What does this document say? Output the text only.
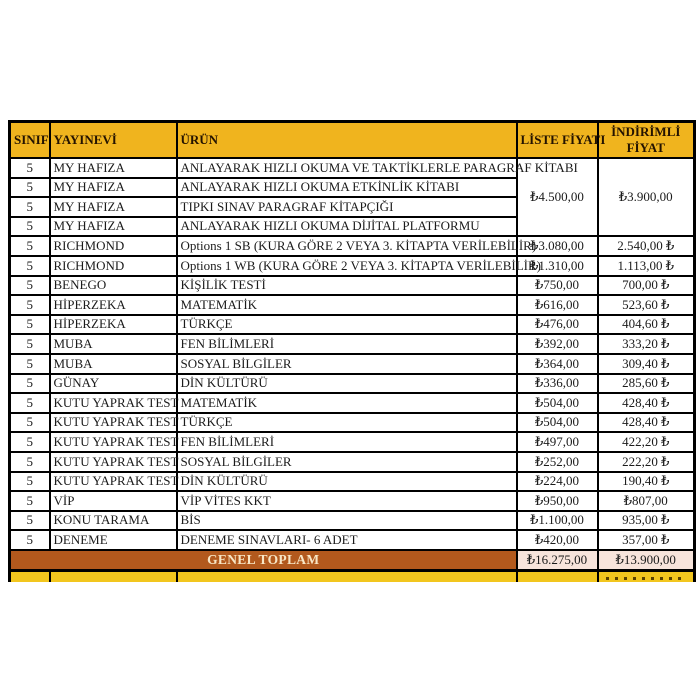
SINIF	YAYINEVİ	ÜRÜN	LİSTE FİYATI	İNDİRİMLİ FİYAT
5	MY HAFIZA	ANLAYARAK HIZLI OKUMA VE TAKTİKLERLE PARAGRAF KİTABI	₺4.500,00	₺3.900,00
5	MY HAFIZA	ANLAYARAK HIZLI OKUMA ETKİNLİK KİTABI		
5	MY HAFIZA	TIPKI SINAV PARAGRAF KİTAPÇIĞI		
5	MY HAFIZA	ANLAYARAK HIZLI OKUMA DİJİTAL PLATFORMU		
5	RICHMOND	Options 1 SB (KURA GÖRE 2 VEYA 3. KİTAPTA VERİLEBİLİR)	₺3.080,00	2.540,00 ₺
5	RICHMOND	Options 1 WB (KURA GÖRE 2 VEYA 3. KİTAPTA VERİLEBİLİR)	₺1.310,00	1.113,00 ₺
5	BENEGO	KİŞİLİK TESTİ	₺750,00	700,00 ₺
5	HİPERZEKA	MATEMATİK	₺616,00	523,60 ₺
5	HİPERZEKA	TÜRKÇE	₺476,00	404,60 ₺
5	MUBA	FEN BİLİMLERİ	₺392,00	333,20 ₺
5	MUBA	SOSYAL BİLGİLER	₺364,00	309,40 ₺
5	GÜNAY	DİN KÜLTÜRÜ	₺336,00	285,60 ₺
5	KUTU YAPRAK TEST	MATEMATİK	₺504,00	428,40 ₺
5	KUTU YAPRAK TEST	TÜRKÇE	₺504,00	428,40 ₺
5	KUTU YAPRAK TEST	FEN BİLİMLERİ	₺497,00	422,20 ₺
5	KUTU YAPRAK TEST	SOSYAL BİLGİLER	₺252,00	222,20 ₺
5	KUTU YAPRAK TEST	DİN KÜLTÜRÜ	₺224,00	190,40 ₺
5	VİP	VİP VİTES KKT	₺950,00	₺807,00
5	KONU TARAMA	BİS	₺1.100,00	935,00 ₺
5	DENEME	DENEME SINAVLARI- 6 ADET	₺420,00	357,00 ₺
GENEL TOPLAM			₺16.275,00	₺13.900,00
